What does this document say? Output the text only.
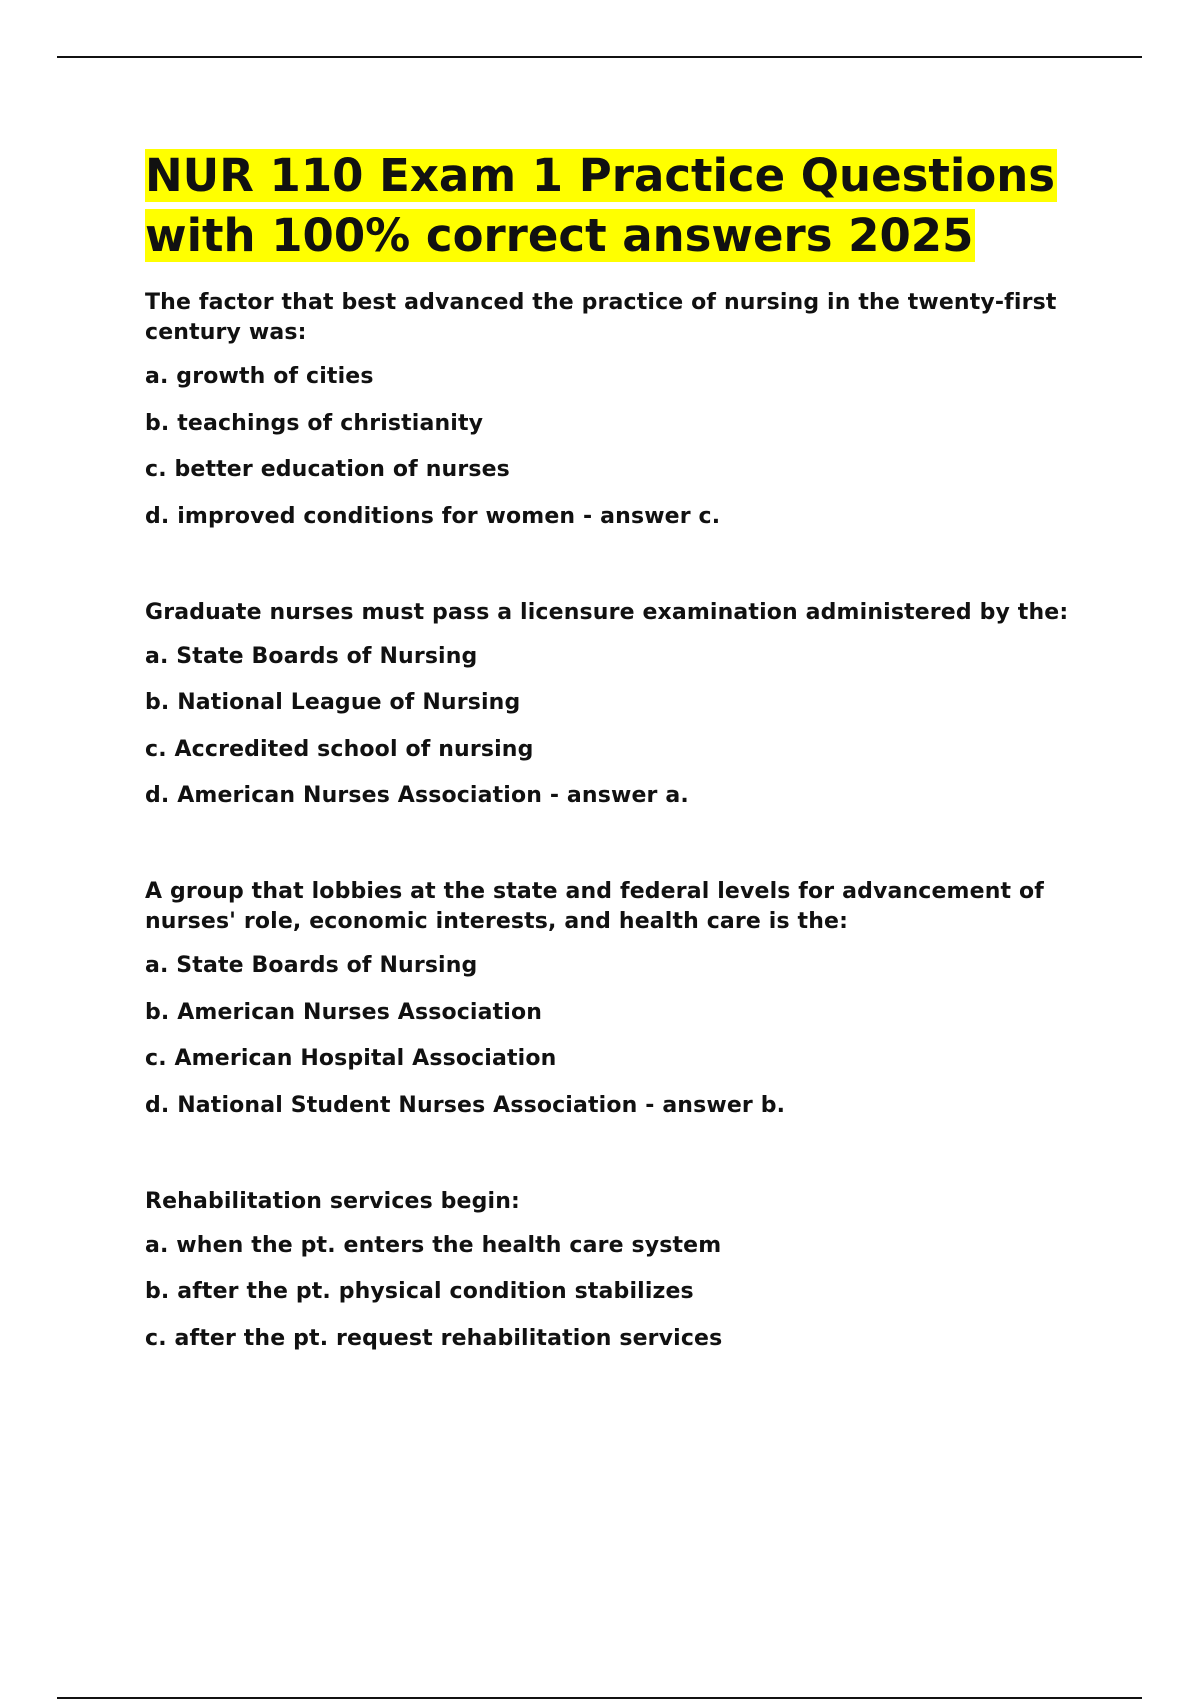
NUR 110 Exam 1 Practice Questions with 100% correct answers 2025
The factor that best advanced the practice of nursing in the twenty-first century was:
a. growth of cities
b. teachings of christianity
c. better education of nurses
d. improved conditions for women - answer c.
Graduate nurses must pass a licensure examination administered by the:
a. State Boards of Nursing
b. National League of Nursing
c. Accredited school of nursing
d. American Nurses Association - answer a.
A group that lobbies at the state and federal levels for advancement of nurses' role, economic interests, and health care is the:
a. State Boards of Nursing
b. American Nurses Association
c. American Hospital Association
d. National Student Nurses Association - answer b.
Rehabilitation services begin:
a. when the pt. enters the health care system
b. after the pt. physical condition stabilizes
c. after the pt. request rehabilitation services
